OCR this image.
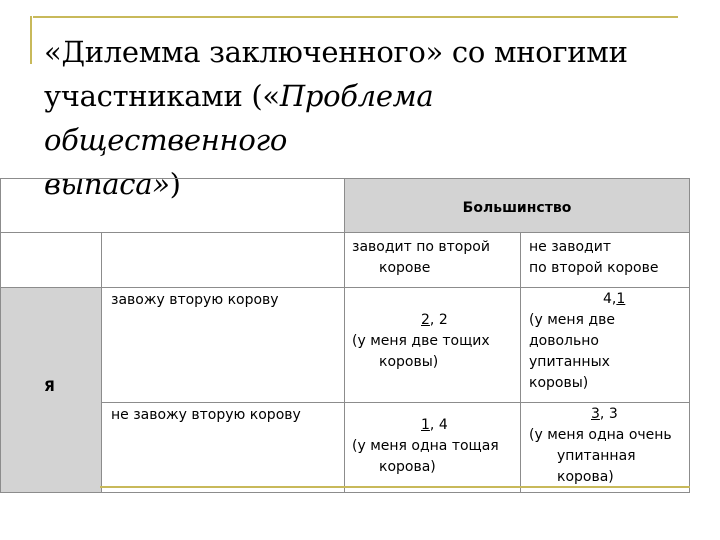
«Дилемма заключенного» со многими
участниками («Проблема общественного
выпаса»)
Большинство
заводит по второй
корове
не заводит
по второй корове
Я
завожу вторую корову
не завожу вторую корову
2, 2
(у меня две тощих
коровы)
4,1
(у меня две
довольно
упитанных
коровы)
1, 4
(у меня одна тощая
корова)
3, 3
(у меня одна очень
упитанная
корова)
